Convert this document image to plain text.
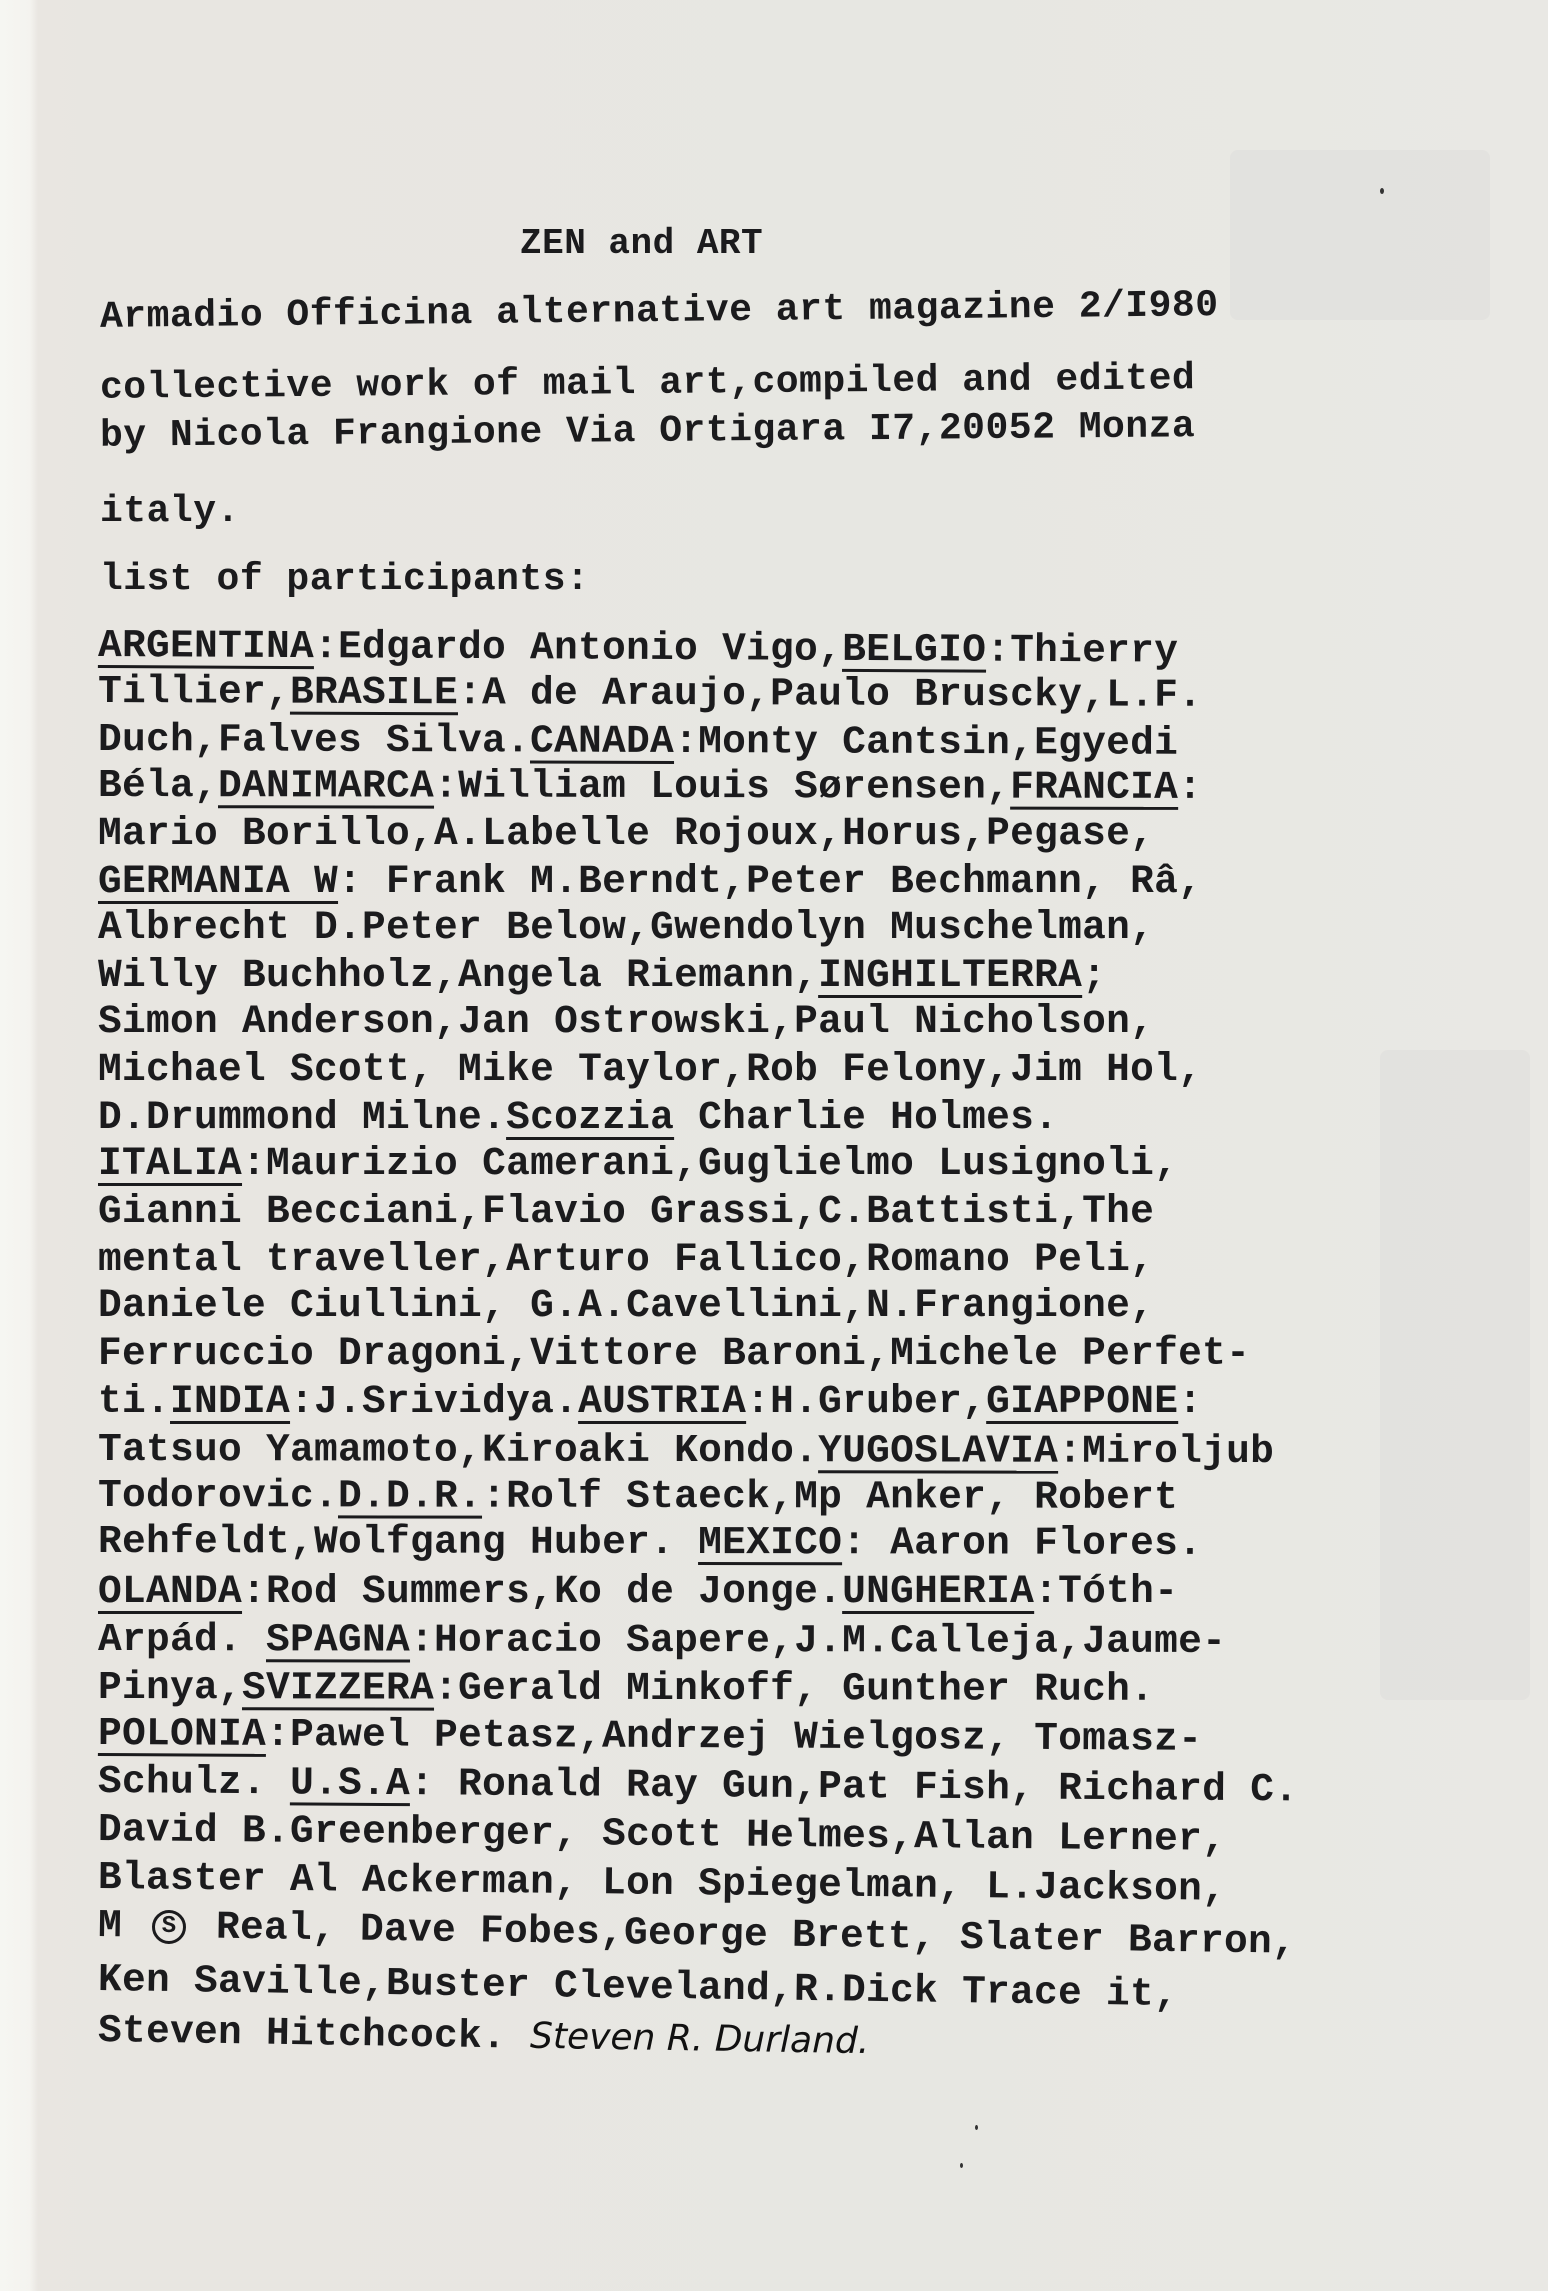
ZEN and ART

Armadio Officina alternative art magazine 2/I980

collective work of mail art,compiled and edited

by Nicola Frangione Via Ortigara I7,20052 Monza

italy.

list of participants:

ARGENTINA:Edgardo Antonio Vigo,BELGIO:Thierry
Tillier,BRASILE:A de Araujo,Paulo Bruscky,L.F.
Duch,Falves Silva.CANADA:Monty Cantsin,Egyedi
Béla,DANIMARCA:William Louis Sørensen,FRANCIA:
Mario Borillo,A.Labelle Rojoux,Horus,Pegase,
GERMANIA W: Frank M.Berndt,Peter Bechmann, Râ,
Albrecht D.Peter Below,Gwendolyn Muschelman,
Willy Buchholz,Angela Riemann,INGHILTERRA;
Simon Anderson,Jan Ostrowski,Paul Nicholson,
Michael Scott, Mike Taylor,Rob Felony,Jim Hol,
D.Drummond Milne.Scozzia Charlie Holmes.
ITALIA:Maurizio Camerani,Guglielmo Lusignoli,
Gianni Becciani,Flavio Grassi,C.Battisti,The
mental traveller,Arturo Fallico,Romano Peli,
Daniele Ciullini, G.A.Cavellini,N.Frangione,
Ferruccio Dragoni,Vittore Baroni,Michele Perfet-
ti.INDIA:J.Srividya.AUSTRIA:H.Gruber,GIAPPONE:
Tatsuo Yamamoto,Kiroaki Kondo.YUGOSLAVIA:Miroljub
Todorovic.D.D.R.:Rolf Staeck,Mp Anker, Robert
Rehfeldt,Wolfgang Huber. MEXICO: Aaron Flores.
OLANDA:Rod Summers,Ko de Jonge.UNGHERIA:Tóth-
Arpád. SPAGNA:Horacio Sapere,J.M.Calleja,Jaume-
Pinya,SVIZZERA:Gerald Minkoff, Gunther Ruch.
POLONIA:Pawel Petasz,Andrzej Wielgosz, Tomasz-
Schulz. U.S.A: Ronald Ray Gun,Pat Fish, Richard C.
David B.Greenberger, Scott Helmes,Allan Lerner,
Blaster Al Ackerman, Lon Spiegelman, L.Jackson,
M S Real, Dave Fobes,George Brett, Slater Barron,
Ken Saville,Buster Cleveland,R.Dick Trace it,
Steven Hitchcock. Steven R. Durland.
